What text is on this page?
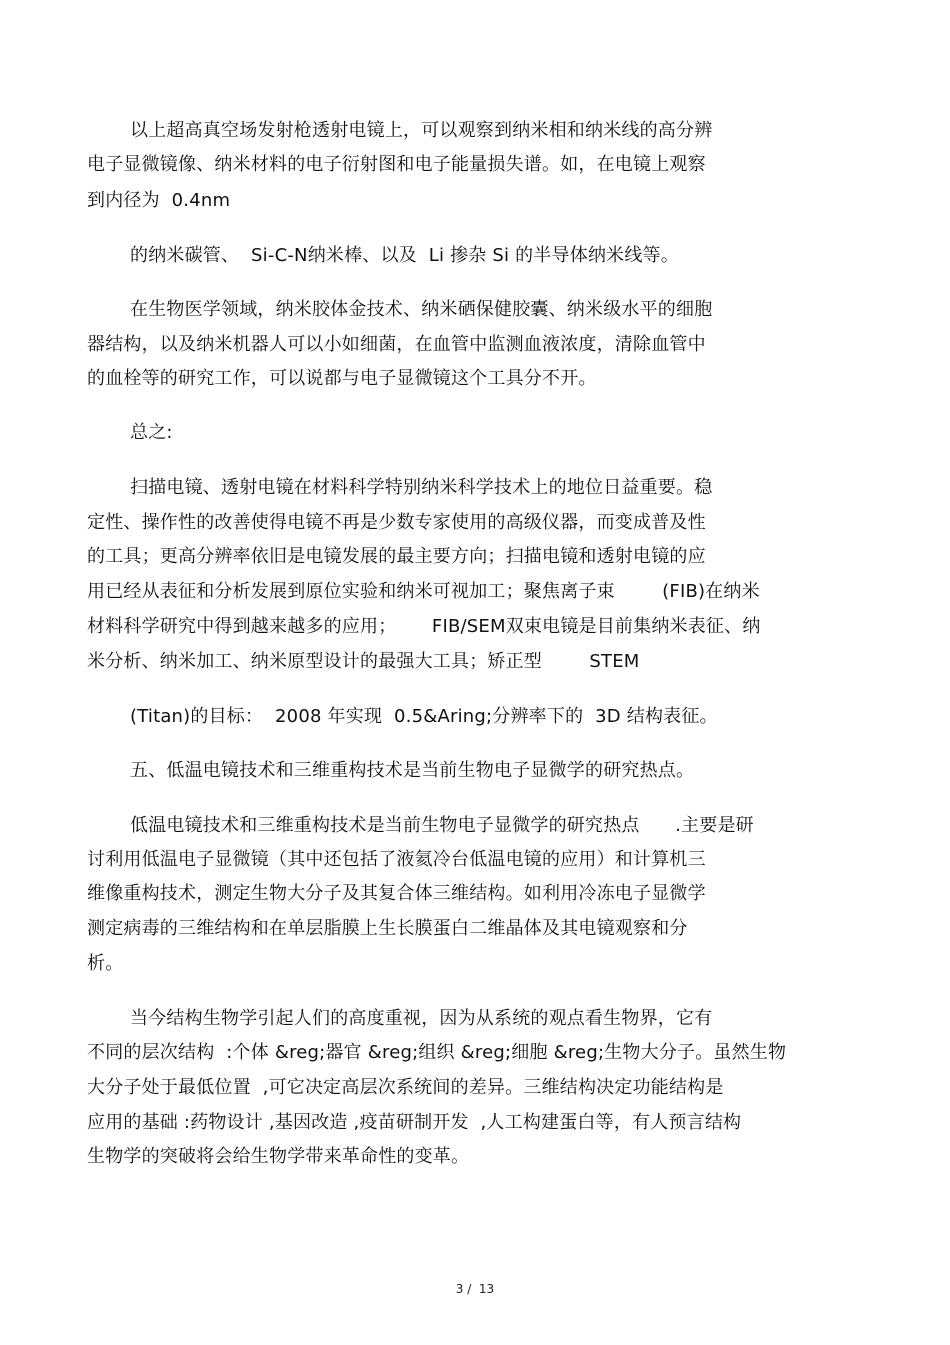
以上超高真空场发射枪透射电镜上，可以观察到纳米相和纳米线的高分辨
电子显微镜像、纳米材料的电子衍射图和电子能量损失谱。如，在电镜上观察
到内径为  0.4nm
的纳米碳管、  Si-C-N纳米棒、以及  Li 掺杂 Si 的半导体纳米线等。
在生物医学领域，纳米胶体金技术、纳米硒保健胶囊、纳米级水平的细胞
器结构，以及纳米机器人可以小如细菌，在血管中监测血液浓度，清除血管中
的血栓等的研究工作，可以说都与电子显微镜这个工具分不开。
总之:
扫描电镜、透射电镜在材料科学特别纳米科学技术上的地位日益重要。稳
定性、操作性的改善使得电镜不再是少数专家使用的高级仪器，而变成普及性
的工具；更高分辨率依旧是电镜发展的最主要方向；扫描电镜和透射电镜的应
用已经从表征和分析发展到原位实验和纳米可视加工；聚焦离子束        (FIB)在纳米
材料科学研究中得到越来越多的应用；      FIB/SEM双束电镜是目前集纳米表征、纳
米分析、纳米加工、纳米原型设计的最强大工具；矫正型        STEM
(Titan)的目标：  2008 年实现  0.5&Aring;分辨率下的  3D 结构表征。
五、低温电镜技术和三维重构技术是当前生物电子显微学的研究热点。
低温电镜技术和三维重构技术是当前生物电子显微学的研究热点      .主要是研
讨利用低温电子显微镜（其中还包括了液氦冷台低温电镜的应用）和计算机三
维像重构技术，测定生物大分子及其复合体三维结构。如利用冷冻电子显微学
测定病毒的三维结构和在单层脂膜上生长膜蛋白二维晶体及其电镜观察和分
析。
当今结构生物学引起人们的高度重视，因为从系统的观点看生物界，它有
不同的层次结构  :个体 &reg;器官 &reg;组织 &reg;细胞 &reg;生物大分子。虽然生物
大分子处于最低位置  ,可它决定高层次系统间的差异。三维结构决定功能结构是
应用的基础 :药物设计 ,基因改造 ,疫苗研制开发  ,人工构建蛋白等，有人预言结构
生物学的突破将会给生物学带来革命性的变革。
3 /  13
